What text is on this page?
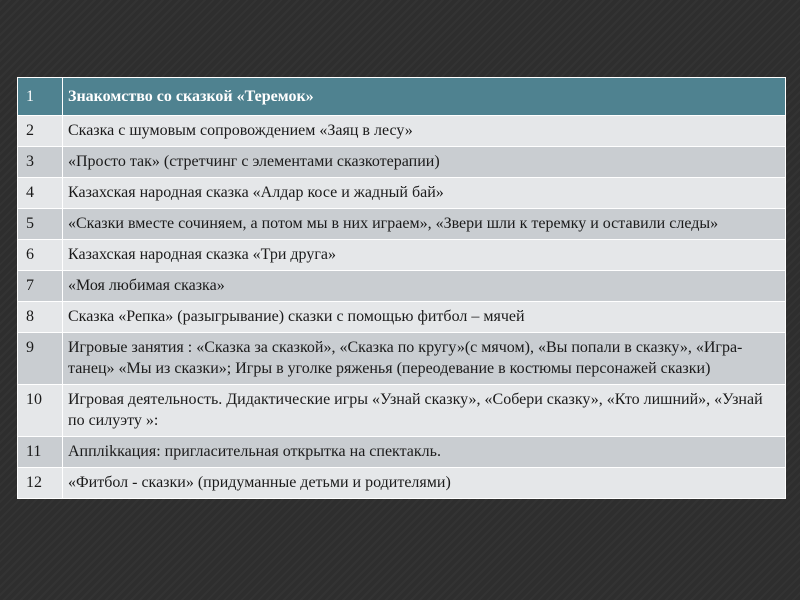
1	Знакомство со сказкой «Теремок»
2	Сказка с шумовым сопровождением «Заяц в лесу»
3	«Просто так» (стретчинг с элементами сказкотерапии)
4	Казахская народная сказка «Алдар косе и жадный бай»
5	«Сказки вместе сочиняем, а потом мы в них играем», «Звери шли к теремку и оставили следы»
6	Казахская народная сказка «Три друга»
7	«Моя любимая сказка»
8	Сказка «Репка» (разыгрывание) сказки с помощью фитбол – мячей
9	Игровые занятия : «Сказка за сказкой», «Сказка по кругу»(с мячом), «Вы попали в сказку», «Игра-танец» «Мы из сказки»; Игры в уголке ряженья (переодевание в костюмы персонажей сказки)
10	Игровая деятельность. Дидактические игры «Узнай сказку», «Собери сказку», «Кто лишний», «Узнай по силуэту »:
11	Аппліkкация: пригласительная открытка на спектакль.
12	«Фитбол - сказки» (придуманные детьми и родителями)
